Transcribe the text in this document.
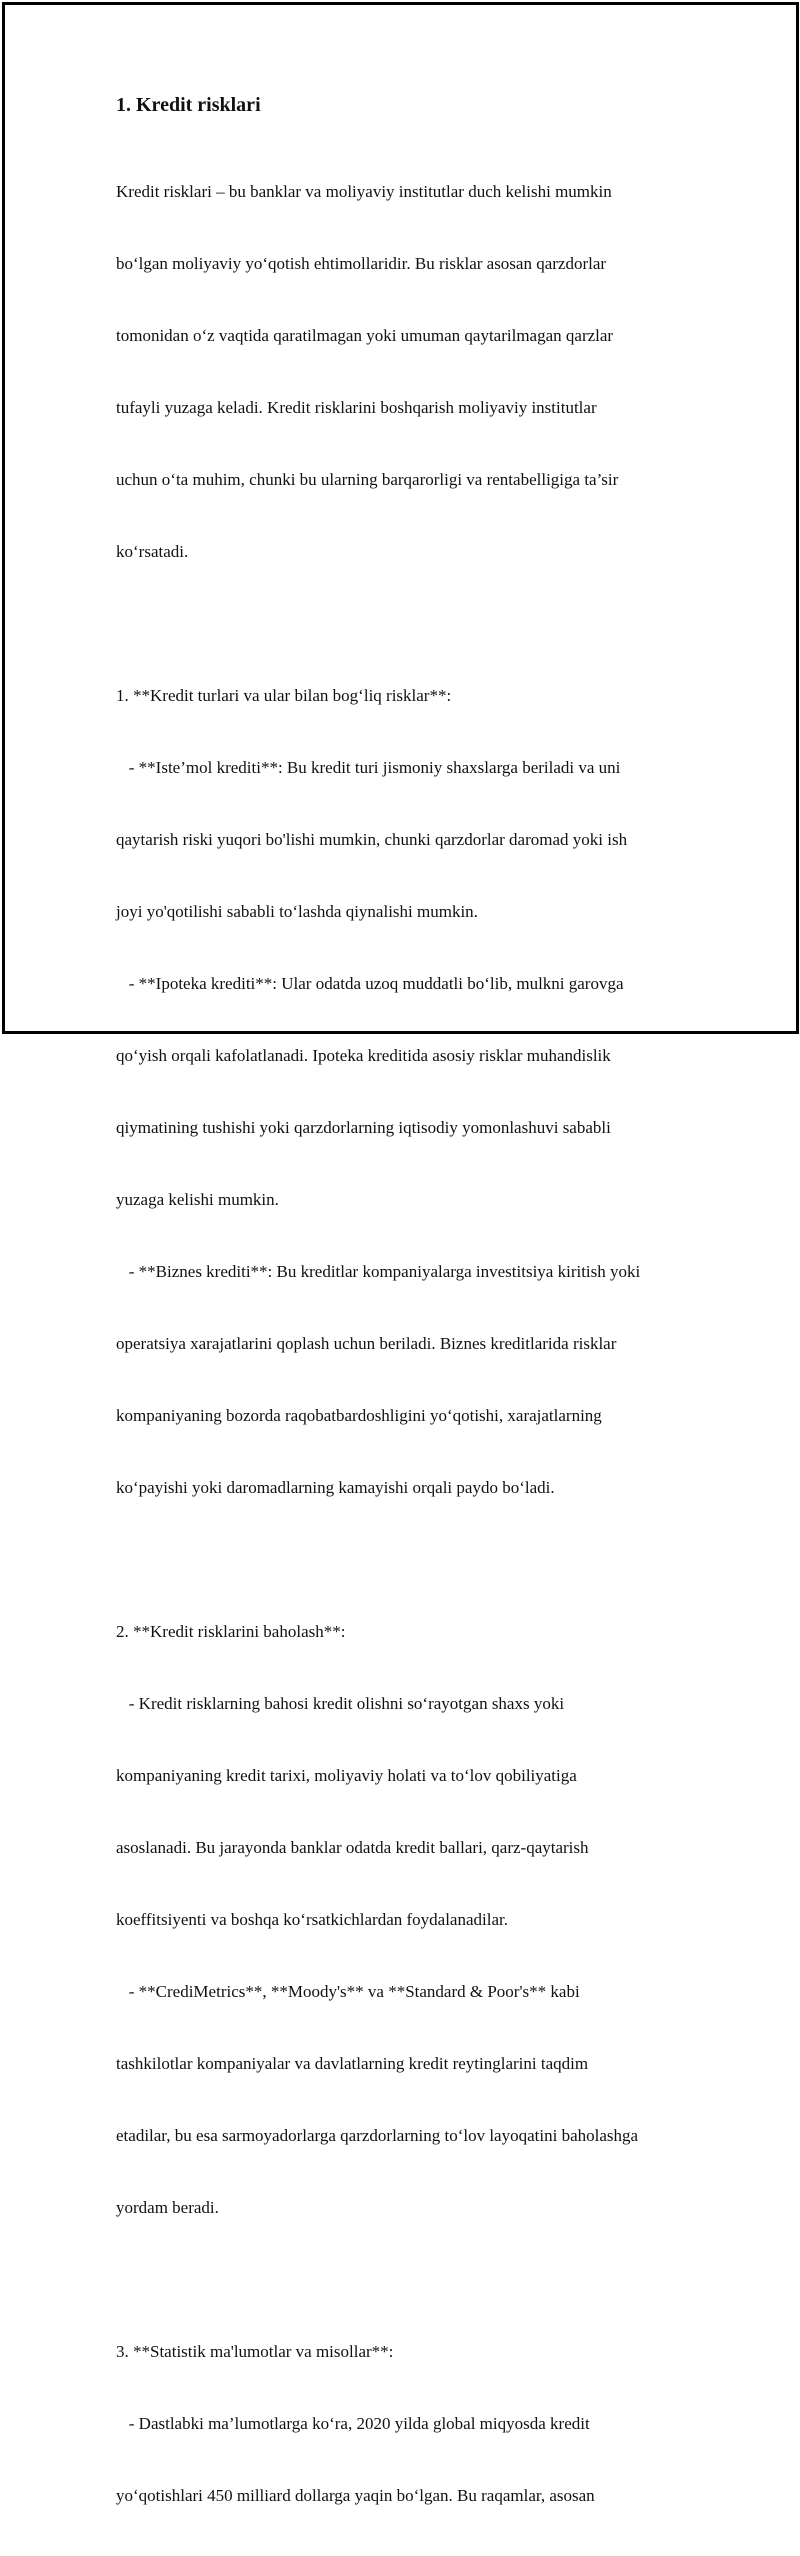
1. Kredit risklari

Kredit risklari – bu banklar va moliyaviy institutlar duch kelishi mumkin

bo‘lgan moliyaviy yo‘qotish ehtimollaridir. Bu risklar asosan qarzdorlar

tomonidan o‘z vaqtida qaratilmagan yoki umuman qaytarilmagan qarzlar

tufayli yuzaga keladi. Kredit risklarini boshqarish moliyaviy institutlar

uchun o‘ta muhim, chunki bu ularning barqarorligi va rentabelligiga ta’sir

ko‘rsatadi.

1. **Kredit turlari va ular bilan bog‘liq risklar**:

- **Iste’mol krediti**: Bu kredit turi jismoniy shaxslarga beriladi va uni

qaytarish riski yuqori bo'lishi mumkin, chunki qarzdorlar daromad yoki ish

joyi yo'qotilishi sababli to‘lashda qiynalishi mumkin.

- **Ipoteka krediti**: Ular odatda uzoq muddatli bo‘lib, mulkni garovga

qo‘yish orqali kafolatlanadi. Ipoteka kreditida asosiy risklar muhandislik

qiymatining tushishi yoki qarzdorlarning iqtisodiy yomonlashuvi sababli

yuzaga kelishi mumkin.

- **Biznes krediti**: Bu kreditlar kompaniyalarga investitsiya kiritish yoki

operatsiya xarajatlarini qoplash uchun beriladi. Biznes kreditlarida risklar

kompaniyaning bozorda raqobatbardoshligini yo‘qotishi, xarajatlarning

ko‘payishi yoki daromadlarning kamayishi orqali paydo bo‘ladi.

2. **Kredit risklarini baholash**:

- Kredit risklarning bahosi kredit olishni so‘rayotgan shaxs yoki

kompaniyaning kredit tarixi, moliyaviy holati va to‘lov qobiliyatiga

asoslanadi. Bu jarayonda banklar odatda kredit ballari, qarz-qaytarish

koeffitsiyenti va boshqa ko‘rsatkichlardan foydalanadilar.

- **CrediMetrics**, **Moody's** va **Standard & Poor's** kabi

tashkilotlar kompaniyalar va davlatlarning kredit reytinglarini taqdim

etadilar, bu esa sarmoyadorlarga qarzdorlarning to‘lov layoqatini baholashga

yordam beradi.

3. **Statistik ma'lumotlar va misollar**:

- Dastlabki ma’lumotlarga ko‘ra, 2020 yilda global miqyosda kredit

yo‘qotishlari 450 milliard dollarga yaqin bo‘lgan. Bu raqamlar, asosan
